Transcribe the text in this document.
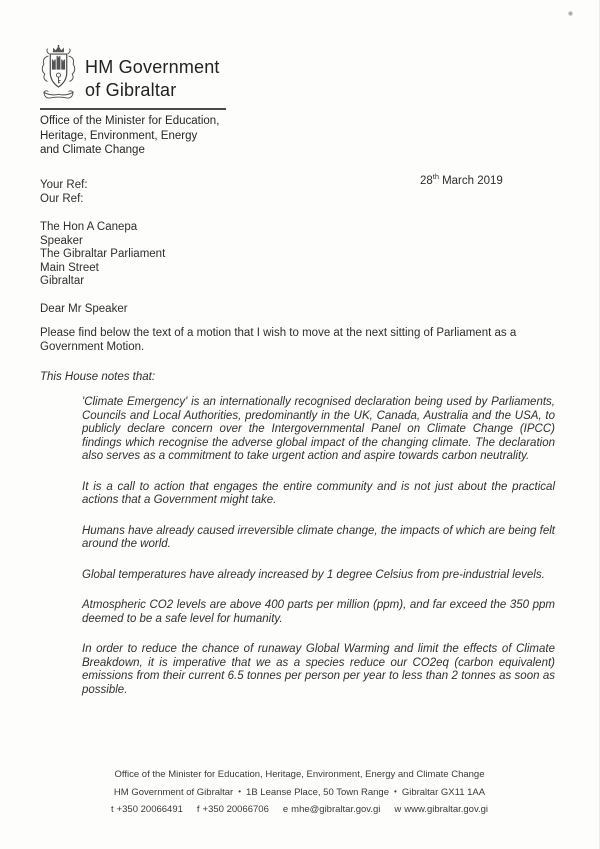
HM Government
of Gibraltar
Office of the Minister for Education,
Heritage, Environment, Energy
and Climate Change
28th March 2019
Your Ref:
Our Ref:
The Hon A Canepa
Speaker
The Gibraltar Parliament
Main Street
Gibraltar
Dear Mr Speaker
Please find below the text of a motion that I wish to move at the next sitting of Parliament as a Government Motion.
This House notes that:

'Climate Emergency' is an internationally recognised declaration being used by Parliaments, Councils and Local Authorities, predominantly in the UK, Canada, Australia and the USA, to publicly declare concern over the Intergovernmental Panel on Climate Change (IPCC) findings which recognise the adverse global impact of the changing climate. The declaration also serves as a commitment to take urgent action and aspire towards carbon neutrality.

It is a call to action that engages the entire community and is not just about the practical actions that a Government might take.

Humans have already caused irreversible climate change, the impacts of which are being felt around the world.

Global temperatures have already increased by 1 degree Celsius from pre-industrial levels.

Atmospheric CO2 levels are above 400 parts per million (ppm), and far exceed the 350 ppm deemed to be a safe level for humanity.

In order to reduce the chance of runaway Global Warming and limit the effects of Climate Breakdown, it is imperative that we as a species reduce our CO2eq (carbon equivalent) emissions from their current 6.5 tonnes per person per year to less than 2 tonnes as soon as possible.

Office of the Minister for Education, Heritage, Environment, Energy and Climate Change
HM Government of Gibraltar • 1B Leanse Place, 50 Town Range • Gibraltar GX11 1AA
t +350 20066491 f +350 20066706 e mhe@gibraltar.gov.gi w www.gibraltar.gov.gi
